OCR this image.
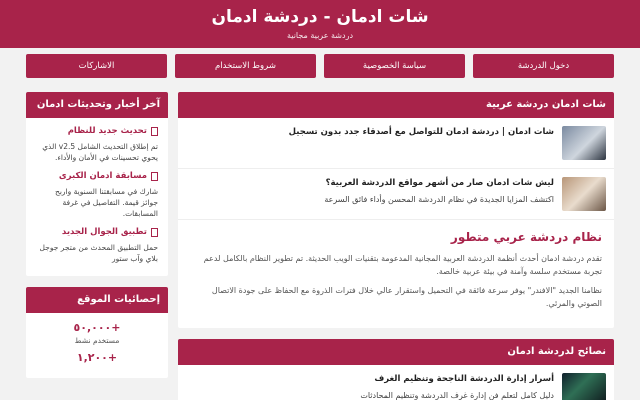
شات ادمان - دردشة ادمان
دردشة عربية مجانية
دخول الدردشة
سياسة الخصوصية
شروط الاستخدام
الاشاركات
شات ادمان دردشة عربية
شات ادمان | دردشة ادمان للتواصل مع أصدقاء جدد بدون تسجيل
ليش شات ادمان صار من أشهر مواقع الدردشة العربية؟
اكتشف المزايا الجديدة في نظام الدردشة المحسن وأداء فائق السرعة
نظام دردشة عربي متطور

تقدم دردشة ادمان أحدث أنظمة الدردشة العربية المجانية المدعومة بتقنيات الويب الحديثة. تم تطوير النظام بالكامل لدعم تجربة مستخدم سلسة وآمنة في بيئة عربية خالصة.

نظامنا الجديد "الافندر" يوفر سرعة فائقة في التحميل واستقرار عالي خلال فترات الذروة مع الحفاظ على جودة الاتصال الصوتي والمرئي.

نصائح لدردشة ادمان
أسرار إدارة الدردشة الناجحة وتنظيم الغرف
دليل كامل لتعلم فن إدارة غرف الدردشة وتنظيم المحادثات
آخر أخبار وتحديثات ادمان
تحديث جديد للنظام
تم إطلاق التحديث الشامل v2.5 الذي يحوي تحسينات في الأمان والأداء.
مسابقة ادمان الكبرى
شارك في مسابقتنا السنوية واربح جوائز قيمة. التفاصيل في غرفة المسابقات.
تطبيق الجوال الجديد
حمل التطبيق المحدث من متجر جوجل بلاي وآب ستور
إحصائيات الموقع
+٥٠,٠٠٠
مستخدم نشط
+١,٢٠٠
